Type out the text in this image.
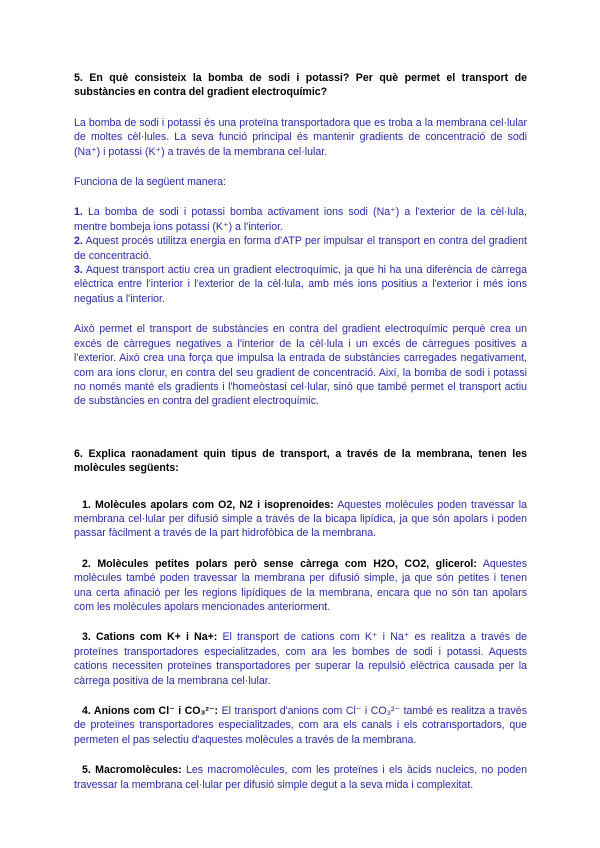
5. En què consisteix la bomba de sodi i potassi? Per què permet el transport de substàncies en contra del gradient electroquímic?

La bomba de sodi i potassi és una proteïna transportadora que es troba a la membrana cel·lular de moltes cèl·lules. La seva funció principal és mantenir gradients de concentració de sodi (Na⁺) i potassi (K⁺) a través de la membrana cel·lular.

Funciona de la següent manera:

1. La bomba de sodi i potassi bomba activament ions sodi (Na⁺) a l'exterior de la cèl·lula, mentre bombeja ions potassi (K⁺) a l'interior.

2. Aquest procés utilitza energia en forma d'ATP per impulsar el transport en contra del gradient de concentració.

3. Aquest transport actiu crea un gradient electroquímic, ja que hi ha una diferència de càrrega elèctrica entre l'interior i l'exterior de la cèl·lula, amb més ions positius a l'exterior i més ions negatius a l'interior.

Això permet el transport de substàncies en contra del gradient electroquímic perquè crea un excés de càrregues negatives a l'interior de la cèl·lula i un excés de càrregues positives a l'exterior. Això crea una força que impulsa la entrada de substàncies carregades negativament, com ara ions clorur, en contra del seu gradient de concentració. Així, la bomba de sodi i potassi no només manté els gradients i l'homeòstasi cel·lular, sinó que també permet el transport actiu de substàncies en contra del gradient electroquímic.

6. Explica raonadament quin tipus de transport, a través de la membrana, tenen les molècules següents:

1. Molècules apolars com O2, N2 i isoprenoides: Aquestes molècules poden travessar la membrana cel·lular per difusió simple a través de la bicapa lipídica, ja que són apolars i poden passar fàcilment a través de la part hidrofòbica de la membrana.

2. Molècules petites polars però sense càrrega com H2O, CO2, glicerol: Aquestes molècules també poden travessar la membrana per difusió simple, ja que són petites i tenen una certa afinació per les regions lipídiques de la membrana, encara que no són tan apolars com les molècules apolars mencionades anteriorment.

3. Cations com K+ i Na+: El transport de cations com K⁺ i Na⁺ es realitza a través de proteïnes transportadores especialitzades, com ara les bombes de sodi i potassi. Aquests cations necessiten proteïnes transportadores per superar la repulsió elèctrica causada per la càrrega positiva de la membrana cel·lular.

4. Anions com Cl⁻ i CO₃²⁻: El transport d'anions com Cl⁻ i CO₃²⁻ també es realitza a través de proteïnes transportadores especialitzades, com ara els canals i els cotransportadors, que permeten el pas selectiu d'aquestes molècules a través de la membrana.

5. Macromolècules: Les macromolècules, com les proteïnes i els àcids nucleics, no poden travessar la membrana cel·lular per difusió simple degut a la seva mida i complexitat.
